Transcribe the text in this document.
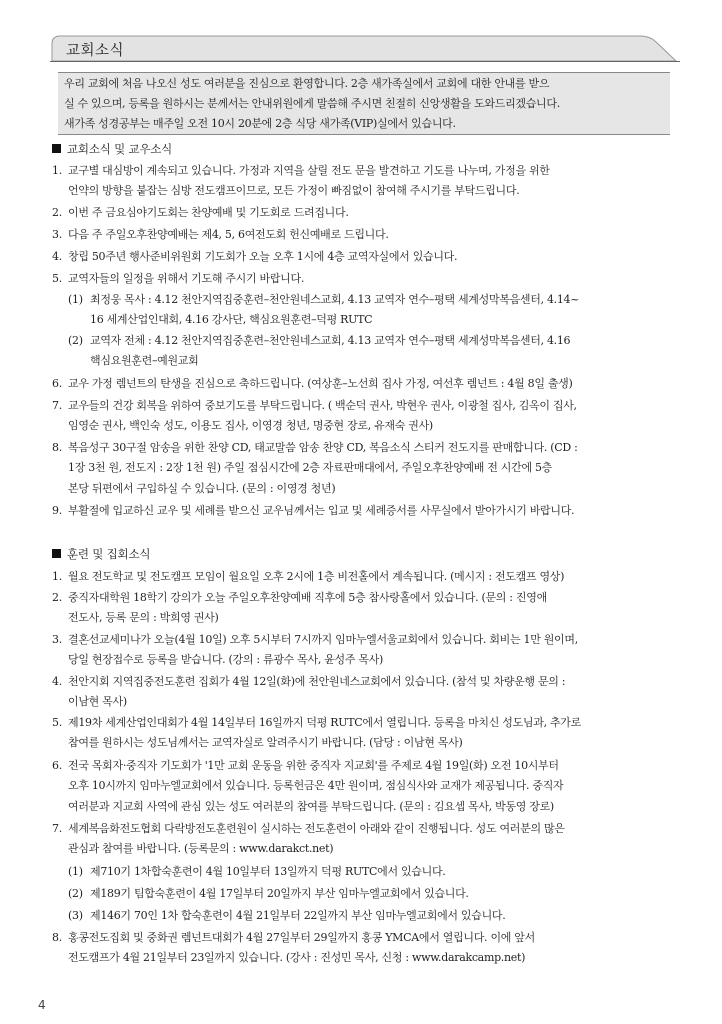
교회소식
우리 교회에 처음 나오신 성도 여러분을 진심으로 환영합니다. 2층 새가족실에서 교회에 대한 안내를 받으
실 수 있으며, 등록을 원하시는 분께서는 안내위원에게 말씀해 주시면 친절히 신앙생활을 도와드리겠습니다.
새가족 성경공부는 매주일 오전 10시 20분에 2층 식당 새가족(VIP)실에서 있습니다.
교회소식 및 교우소식
1. 교구별 대심방이 계속되고 있습니다. 가정과 지역을 살릴 전도 문을 발견하고 기도를 나누며, 가정을 위한
언약의 방향을 붙잡는 심방 전도캠프이므로, 모든 가정이 빠짐없이 참여해 주시기를 부탁드립니다.
2. 이번 주 금요심야기도회는 찬양예배 및 기도회로 드려집니다.
3. 다음 주 주일오후찬양예배는 제4, 5, 6여전도회 헌신예배로 드립니다.
4. 창립 50주년 행사준비위원회 기도회가 오늘 오후 1시에 4층 교역자실에서 있습니다.
5. 교역자들의 일정을 위해서 기도해 주시기 바랍니다.
(1) 최정웅 목사 : 4.12 천안지역집중훈련–천안원네스교회, 4.13 교역자 연수–평택 세계성막복음센터, 4.14~
16 세계산업인대회, 4.16 강사단, 핵심요원훈련–덕평 RUTC
(2) 교역자 전체 : 4.12 천안지역집중훈련–천안원네스교회, 4.13 교역자 연수–평택 세계성막복음센터, 4.16
핵심요원훈련–예원교회
6. 교우 가정 렘넌트의 탄생을 진심으로 축하드립니다. (여상훈–노선희 집사 가정, 여선후 렘넌트 : 4월 8일 출생)
7. 교우들의 건강 회복을 위하여 중보기도를 부탁드립니다. ( 백순덕 권사, 박현우 권사, 이광철 집사, 김옥이 집사,
임영순 권사, 백인숙 성도, 이용도 집사, 이영경 청년, 명중현 장로, 유재숙 권사)
8. 복음성구 30구절 암송을 위한 찬양 CD, 태교말씀 암송 찬양 CD, 복음소식 스티커 전도지를 판매합니다. (CD :
1장 3천 원, 전도지 : 2장 1천 원) 주일 점심시간에 2층 자료판매대에서, 주일오후찬양예배 전 시간에 5층
본당 뒤편에서 구입하실 수 있습니다. (문의 : 이영경 청년)
9. 부활절에 입교하신 교우 및 세례를 받으신 교우님께서는 입교 및 세례증서를 사무실에서 받아가시기 바랍니다.
훈련 및 집회소식
1. 월요 전도학교 및 전도캠프 모임이 월요일 오후 2시에 1층 비전홀에서 계속됩니다. (메시지 : 전도캠프 영상)
2. 중직자대학원 18학기 강의가 오늘 주일오후찬양예배 직후에 5층 참사랑홀에서 있습니다. (문의 : 진영애
전도사, 등록 문의 : 박희영 권사)
3. 결혼선교세미나가 오늘(4월 10일) 오후 5시부터 7시까지 임마누엘서울교회에서 있습니다. 회비는 1만 원이며,
당일 현장접수로 등록을 받습니다. (강의 : 류광수 목사, 윤성주 목사)
4. 천안지회 지역집중전도훈련 집회가 4월 12일(화)에 천안원네스교회에서 있습니다. (참석 및 차량운행 문의 :
이남현 목사)
5. 제19차 세계산업인대회가 4월 14일부터 16일까지 덕평 RUTC에서 열립니다. 등록을 마치신 성도님과, 추가로
참여를 원하시는 성도님께서는 교역자실로 알려주시기 바랍니다. (담당 : 이남현 목사)
6. 전국 목회자·중직자 기도회가 '1만 교회 운동을 위한 중직자 지교회'를 주제로 4월 19일(화) 오전 10시부터
오후 10시까지 임마누엘교회에서 있습니다. 등록헌금은 4만 원이며, 점심식사와 교재가 제공됩니다. 중직자
여러분과 지교회 사역에 관심 있는 성도 여러분의 참여를 부탁드립니다. (문의 : 김요셉 목사, 박동영 장로)
7. 세계복음화전도협회 다락방전도훈련원이 실시하는 전도훈련이 아래와 같이 진행됩니다. 성도 여러분의 많은
관심과 참여를 바랍니다. (등록문의 : www.darakct.net)
(1) 제710기 1차합숙훈련이 4월 10일부터 13일까지 덕평 RUTC에서 있습니다.
(2) 제189기 팀합숙훈련이 4월 17일부터 20일까지 부산 임마누엘교회에서 있습니다.
(3) 제146기 70인 1차 합숙훈련이 4월 21일부터 22일까지 부산 임마누엘교회에서 있습니다.
8. 홍콩전도집회 및 중화권 렘넌트대회가 4월 27일부터 29일까지 홍콩 YMCA에서 열립니다. 이에 앞서
전도캠프가 4월 21일부터 23일까지 있습니다. (강사 : 진성민 목사, 신청 : www.darakcamp.net)
4
